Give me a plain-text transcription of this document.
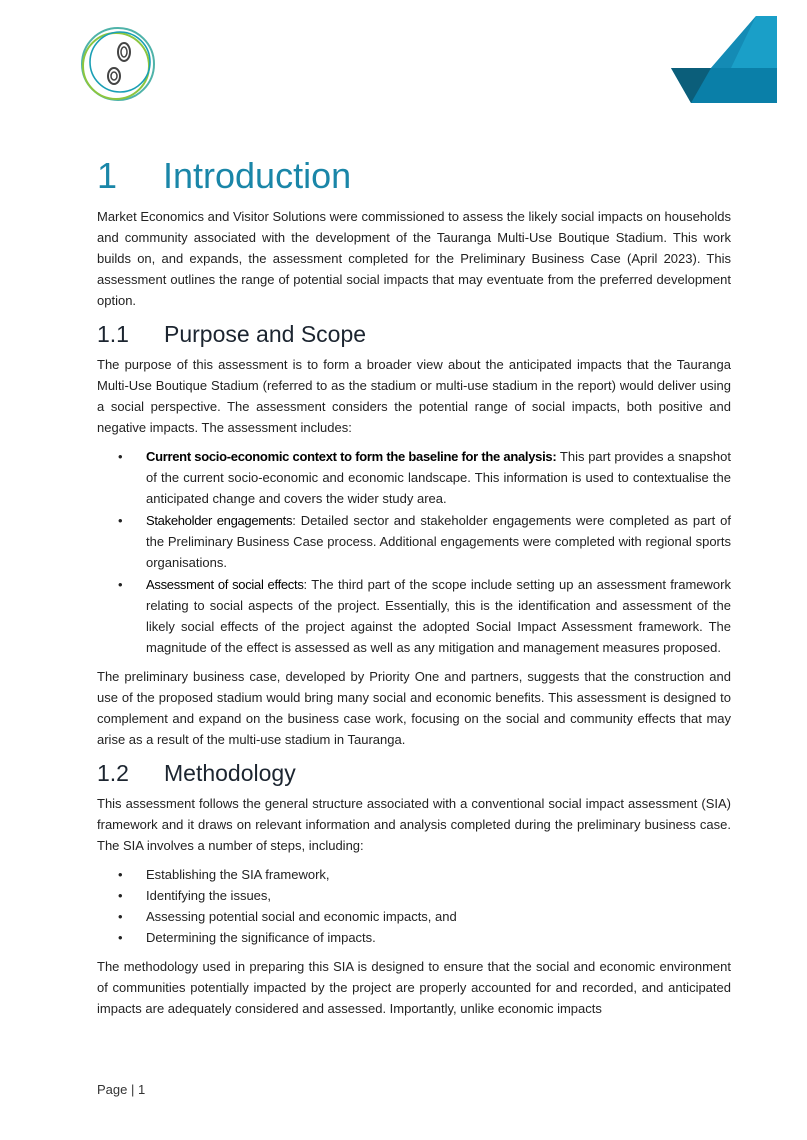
1	Introduction

Market Economics and Visitor Solutions were commissioned to assess the likely social impacts on households and community associated with the development of the Tauranga Multi-Use Boutique Stadium. This work builds on, and expands, the assessment completed for the Preliminary Business Case (April 2023). This assessment outlines the range of potential social impacts that may eventuate from the preferred development option.

1.1	Purpose and Scope

The purpose of this assessment is to form a broader view about the anticipated impacts that the Tauranga Multi-Use Boutique Stadium (referred to as the stadium or multi-use stadium in the report) would deliver using a social perspective. The assessment considers the potential range of social impacts, both positive and negative impacts. The assessment includes:

• Current socio-economic context to form the baseline for the analysis: This part provides a snapshot of the current socio-economic and economic landscape. This information is used to contextualise the anticipated change and covers the wider study area.
• Stakeholder engagements: Detailed sector and stakeholder engagements were completed as part of the Preliminary Business Case process. Additional engagements were completed with regional sports organisations.
• Assessment of social effects: The third part of the scope include setting up an assessment framework relating to social aspects of the project. Essentially, this is the identification and assessment of the likely social effects of the project against the adopted Social Impact Assessment framework. The magnitude of the effect is assessed as well as any mitigation and management measures proposed.

The preliminary business case, developed by Priority One and partners, suggests that the construction and use of the proposed stadium would bring many social and economic benefits. This assessment is designed to complement and expand on the business case work, focusing on the social and community effects that may arise as a result of the multi-use stadium in Tauranga.

1.2	Methodology

This assessment follows the general structure associated with a conventional social impact assessment (SIA) framework and it draws on relevant information and analysis completed during the preliminary business case. The SIA involves a number of steps, including:

• Establishing the SIA framework,
• Identifying the issues,
• Assessing potential social and economic impacts, and
• Determining the significance of impacts.

The methodology used in preparing this SIA is designed to ensure that the social and economic environment of communities potentially impacted by the project are properly accounted for and recorded, and anticipated impacts are adequately considered and assessed. Importantly, unlike economic impacts

Page | 1
